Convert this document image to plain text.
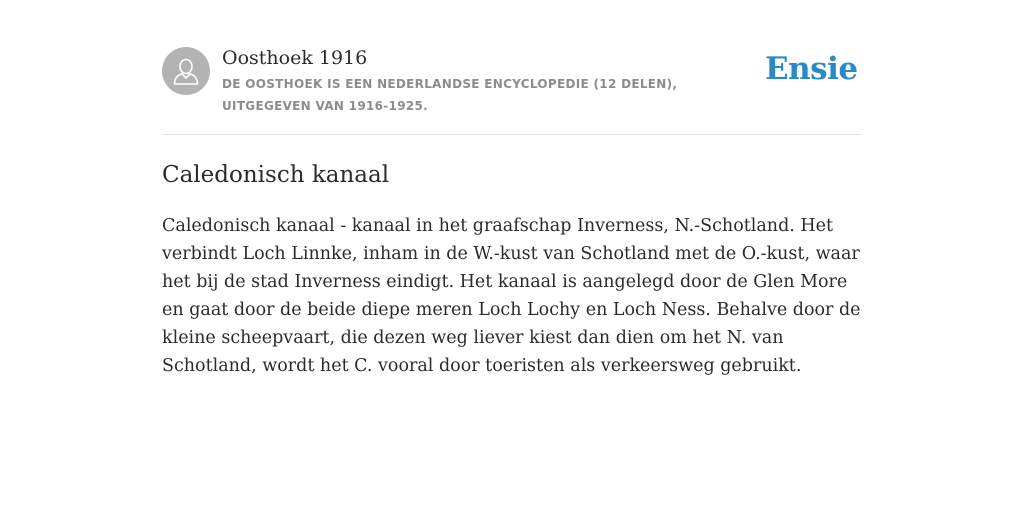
Oosthoek 1916
DE OOSTHOEK IS EEN NEDERLANDSE ENCYCLOPEDIE (12 DELEN), UITGEGEVEN VAN 1916-1925.
Ensie
Caledonisch kanaal

Caledonisch kanaal - kanaal in het graafschap Inverness, N.-Schotland. Het verbindt Loch Linnke, inham in de W.-kust van Schotland met de O.-kust, waar het bij de stad Inverness eindigt. Het kanaal is aangelegd door de Glen More en gaat door de beide diepe meren Loch Lochy en Loch Ness. Behalve door de kleine scheepvaart, die dezen weg liever kiest dan dien om het N. van Schotland, wordt het C. vooral door toeristen als verkeersweg gebruikt.
